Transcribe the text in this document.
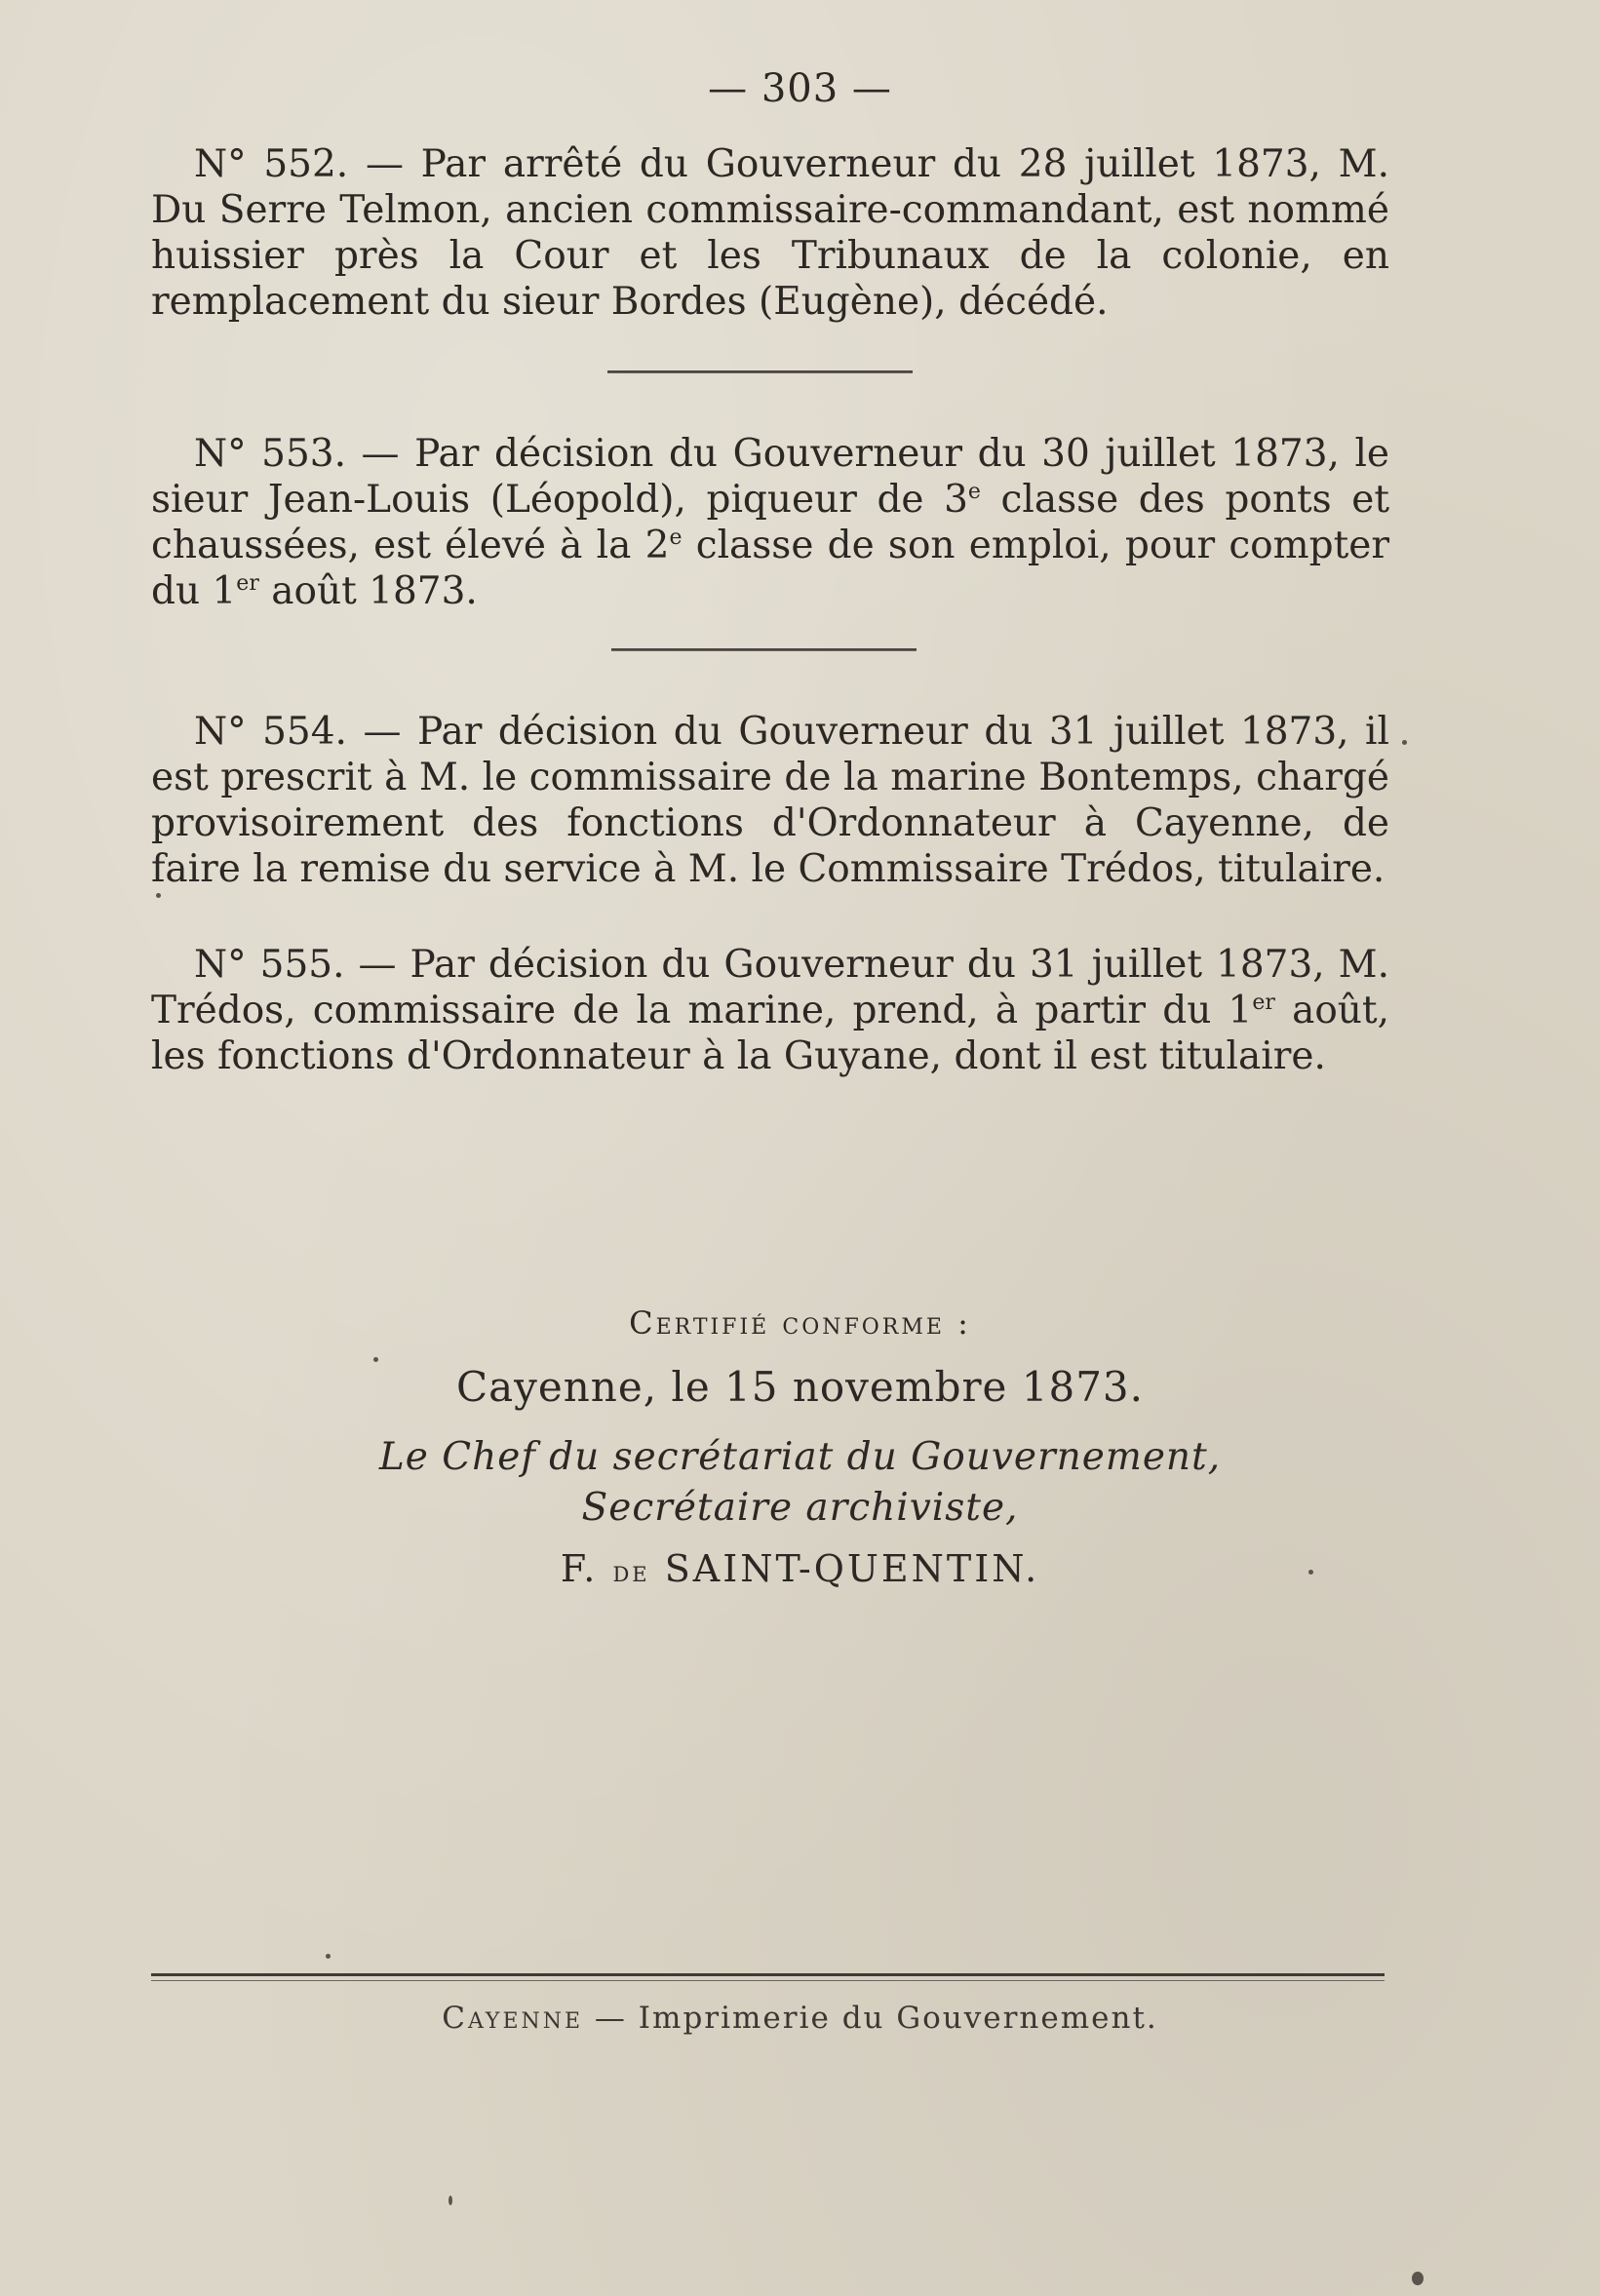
— 303 —
N° 552. — Par arrêté du Gouverneur du 28 juillet 1873, M. Du Serre Telmon, ancien commissaire-commandant, est nommé huissier près la Cour et les Tribunaux de la colonie, en remplacement du sieur Bordes (Eugène), décédé.
N° 553. — Par décision du Gouverneur du 30 juillet 1873, le sieur Jean-Louis (Léopold), piqueur de 3e classe des ponts et chaussées, est élevé à la 2e classe de son emploi, pour compter du 1er août 1873.
N° 554. — Par décision du Gouverneur du 31 juillet 1873, il est prescrit à M. le commissaire de la marine Bontemps, chargé provisoirement des fonctions d'Ordonnateur à Cayenne, de faire la remise du service à M. le Commissaire Trédos, titulaire.
N° 555. — Par décision du Gouverneur du 31 juillet 1873, M. Trédos, commissaire de la marine, prend, à partir du 1er août, les fonctions d'Ordonnateur à la Guyane, dont il est titulaire.
Certifié conforme :
Cayenne, le 15 novembre 1873.
Le Chef du secrétariat du Gouvernement,
Secrétaire archiviste,
F. de SAINT-QUENTIN.
Cayenne — Imprimerie du Gouvernement.
